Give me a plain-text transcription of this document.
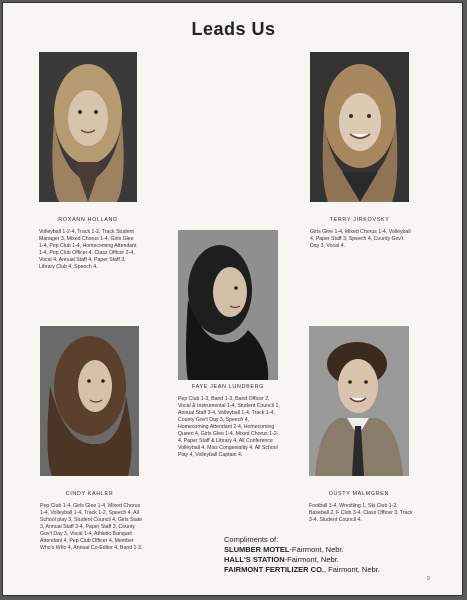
Leads Us
ROXANN HOLLAND
Volleyball 1-2-4, Track 1-2, Track Student Manager 3, Mixed Chorus 1-4, Girls Glee 1-4, Pep Club 1-4, Homecoming Attendant 1-4, Pep Club Officer 4, Class Officer 2-4, Vocal 4, Annual Staff 4, Paper Staff 3, Library Club 4, Speech 4.
TERRY JIRKOVSKY
Girls Glee 1-4, Mixed Chorus 1-4, Volleyball 4, Paper Staff 3, Speech 4, County Gov't Day 3, Vocal 4.
FAYE JEAN LUNDBERG
Pep Club 1-3, Band 1-3, Band Officer 2, Vocal & Instrumental 1-4, Student Council 1, Annual Staff 3-4, Volleyball 1-4, Track 1-4, County Gov't Day 3, Speech 4, Homecoming Attendant 2-4, Homecoming Queen 4, Girls Glee 1-4, Mixed Chorus 1-2-4, Paper Staff & Library 4, All Conference Volleyball 4, Miss Congeniality 4, All School Play 4, Volleyball Captain 4.
CINDY KAHLER
Pep Club 1-4, Girls Glee 1-4, Mixed Chorus 1-4, Volleyball 1-4, Track 1-2, Speech 4, All School play 3, Student Council 4, Girls State 3, Annual Staff 3-4, Paper Staff 3, County Gov't Day 3, Vocal 1-4, Athletic Banquet Attendant 4, Pep Club Officer 4, Member Who's Who 4, Annual Co-Editor 4, Band 1-3.
DUSTY MALMGREN
Football 1-4, Wrestling 1, Ski Club 1-2, Baseball 2, F Club 3-4, Class Officer 3, Track 3-4, Student Council 4.
Compliments of:
SLUMBER MOTEL-Fairmont, Nebr.
HALL'S STATION-Fairmont, Nebr.
FAIRMONT FERTILIZER CO., Fairmont, Nebr.
9
